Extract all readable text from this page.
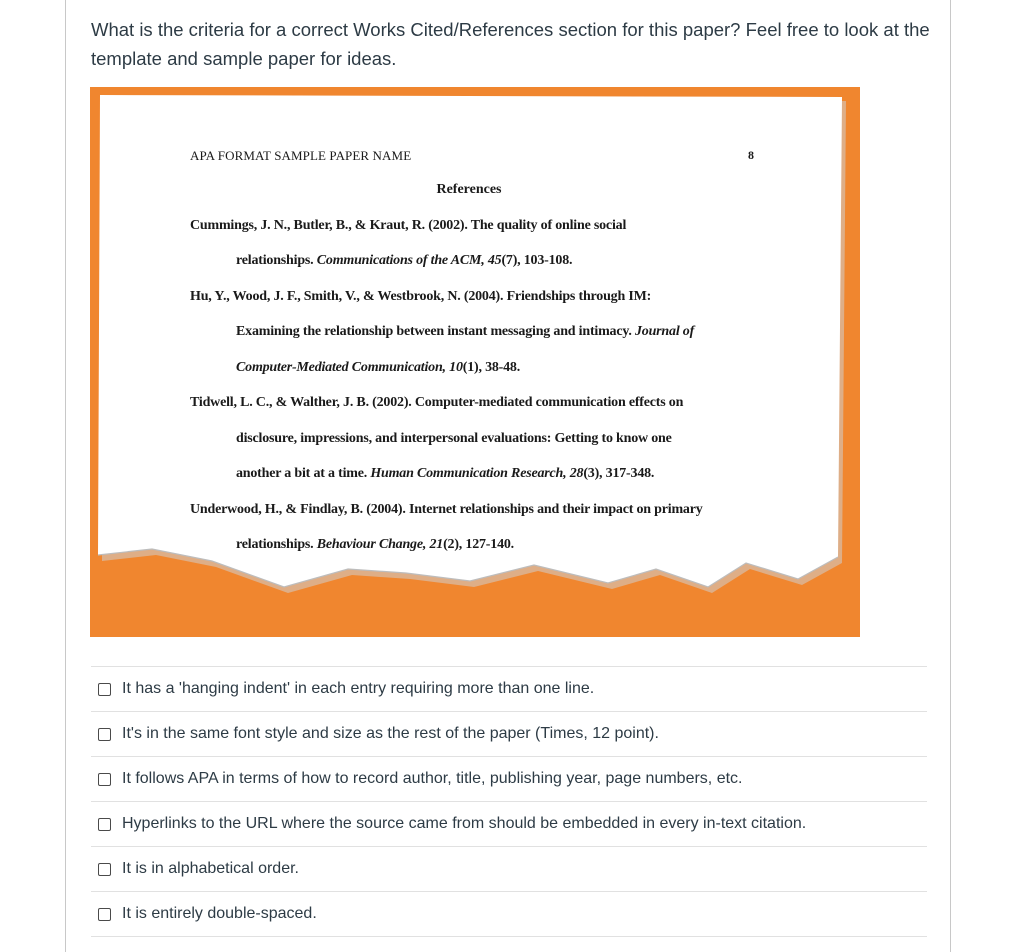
What is the criteria for a correct Works Cited/References section for this paper? Feel free to look at the template and sample paper for ideas.

APA FORMAT SAMPLE PAPER NAME	8
References
Cummings, J. N., Butler, B., & Kraut, R. (2002). The quality of online social
relationships. Communications of the ACM, 45(7), 103-108.
Hu, Y., Wood, J. F., Smith, V., & Westbrook, N. (2004). Friendships through IM:
Examining the relationship between instant messaging and intimacy. Journal of
Computer-Mediated Communication, 10(1), 38-48.
Tidwell, L. C., & Walther, J. B. (2002). Computer-mediated communication effects on
disclosure, impressions, and interpersonal evaluations: Getting to know one
another a bit at a time. Human Communication Research, 28(3), 317-348.
Underwood, H., & Findlay, B. (2004). Internet relationships and their impact on primary
relationships. Behaviour Change, 21(2), 127-140.
It has a 'hanging indent' in each entry requiring more than one line.
It's in the same font style and size as the rest of the paper (Times, 12 point).
It follows APA in terms of how to record author, title, publishing year, page numbers, etc.
Hyperlinks to the URL where the source came from should be embedded in every in-text citation.
It is in alphabetical order.
It is entirely double-spaced.
